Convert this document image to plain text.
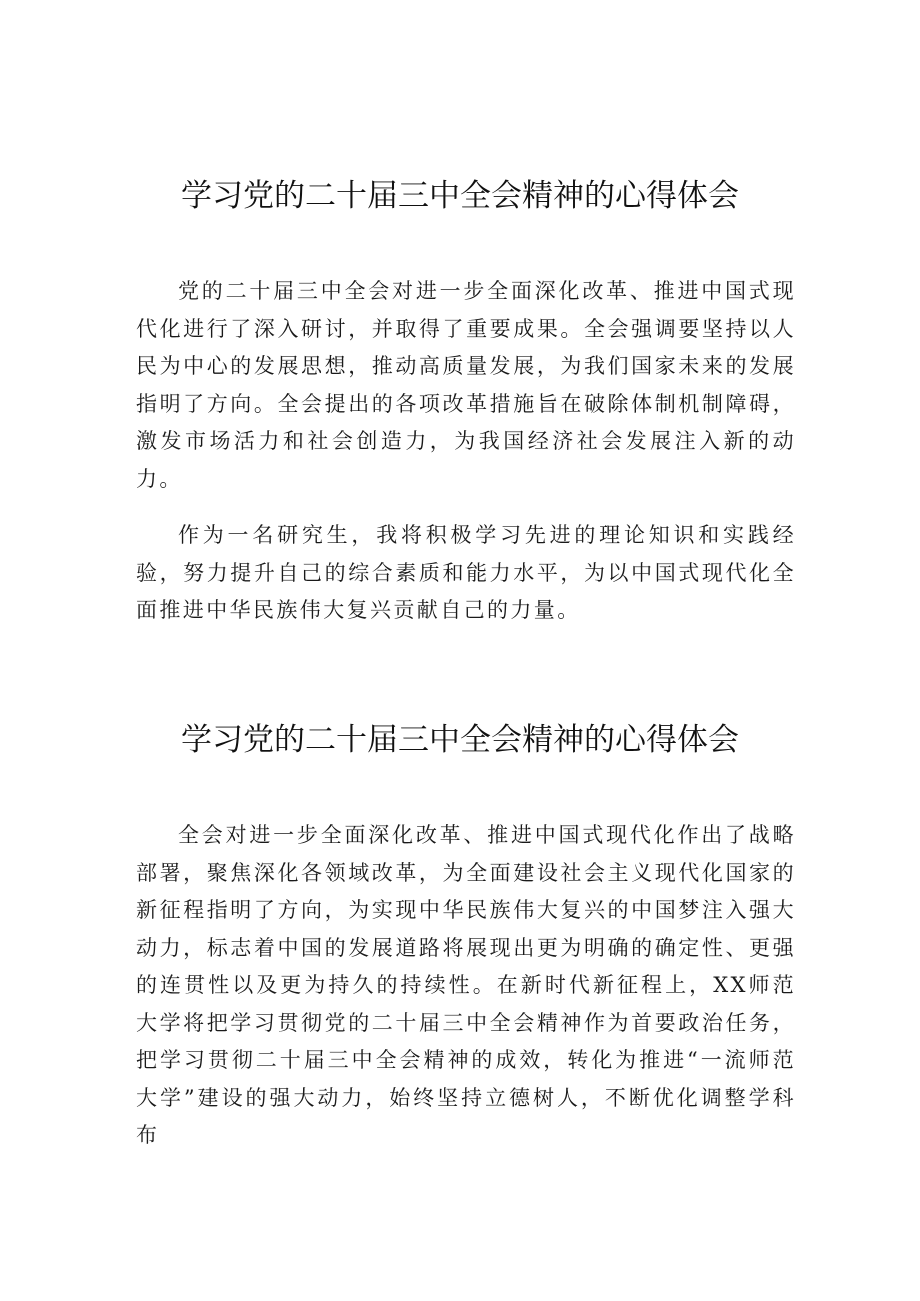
学习党的二十届三中全会精神的心得体会

党的二十届三中全会对进一步全面深化改革、推进中国式现代化进行了深入研讨，并取得了重要成果。全会强调要坚持以人民为中心的发展思想，推动高质量发展，为我们国家未来的发展指明了方向。全会提出的各项改革措施旨在破除体制机制障碍，激发市场活力和社会创造力，为我国经济社会发展注入新的动力。

作为一名研究生，我将积极学习先进的理论知识和实践经验，努力提升自己的综合素质和能力水平，为以中国式现代化全面推进中华民族伟大复兴贡献自己的力量。

学习党的二十届三中全会精神的心得体会

全会对进一步全面深化改革、推进中国式现代化作出了战略部署，聚焦深化各领域改革，为全面建设社会主义现代化国家的新征程指明了方向，为实现中华民族伟大复兴的中国梦注入强大动力，标志着中国的发展道路将展现出更为明确的确定性、更强的连贯性以及更为持久的持续性。在新时代新征程上，XX师范大学将把学习贯彻党的二十届三中全会精神作为首要政治任务，把学习贯彻二十届三中全会精神的成效，转化为推进“一流师范大学”建设的强大动力，始终坚持立德树人，不断优化调整学科布
